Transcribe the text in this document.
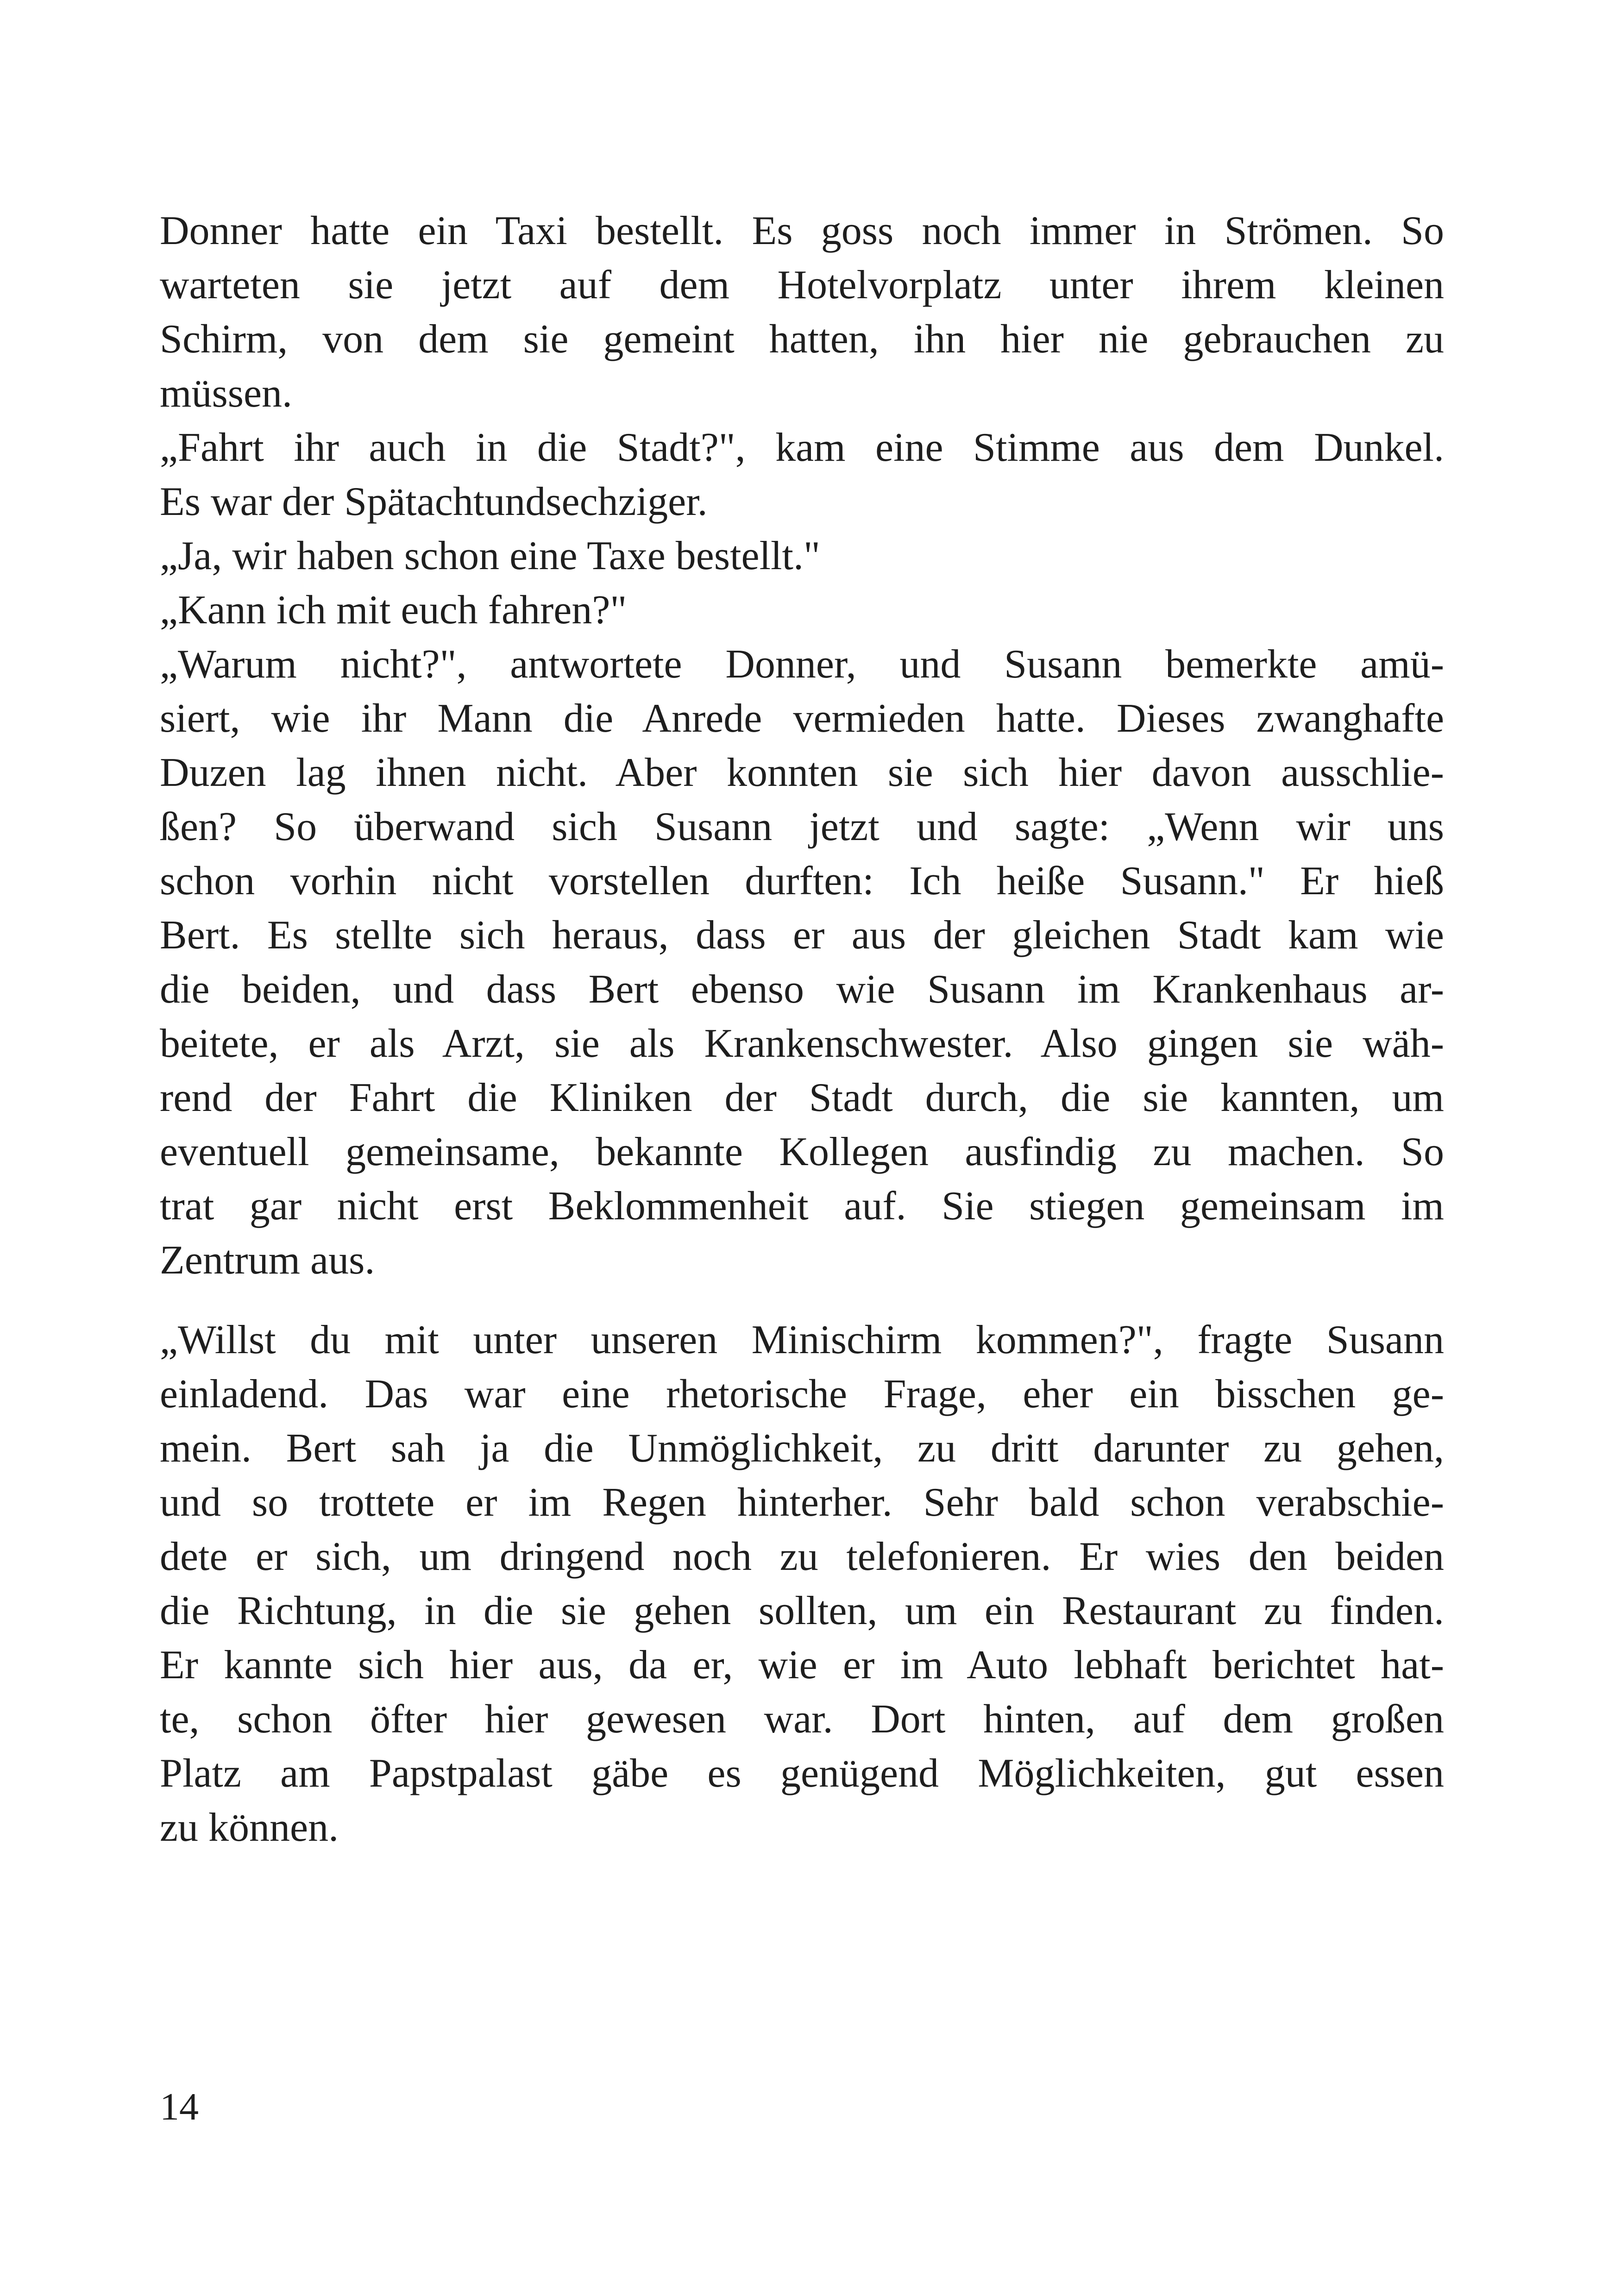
Donner hatte ein Taxi bestellt. Es goss noch immer in Strömen. So
warteten sie jetzt auf dem Hotelvorplatz unter ihrem kleinen
Schirm, von dem sie gemeint hatten, ihn hier nie gebrauchen zu
müssen.
„Fahrt ihr auch in die Stadt?", kam eine Stimme aus dem Dunkel.
Es war der Spätachtundsechziger.
„Ja, wir haben schon eine Taxe bestellt."
„Kann ich mit euch fahren?"
„Warum nicht?", antwortete Donner, und Susann bemerkte amü-
siert, wie ihr Mann die Anrede vermieden hatte. Dieses zwanghafte
Duzen lag ihnen nicht. Aber konnten sie sich hier davon ausschlie-
ßen? So überwand sich Susann jetzt und sagte: „Wenn wir uns
schon vorhin nicht vorstellen durften: Ich heiße Susann." Er hieß
Bert. Es stellte sich heraus, dass er aus der gleichen Stadt kam wie
die beiden, und dass Bert ebenso wie Susann im Krankenhaus ar-
beitete, er als Arzt, sie als Krankenschwester. Also gingen sie wäh-
rend der Fahrt die Kliniken der Stadt durch, die sie kannten, um
eventuell gemeinsame, bekannte Kollegen ausfindig zu machen. So
trat gar nicht erst Beklommenheit auf. Sie stiegen gemeinsam im
Zentrum aus.
„Willst du mit unter unseren Minischirm kommen?", fragte Susann
einladend. Das war eine rhetorische Frage, eher ein bisschen ge-
mein. Bert sah ja die Unmöglichkeit, zu dritt darunter zu gehen,
und so trottete er im Regen hinterher. Sehr bald schon verabschie-
dete er sich, um dringend noch zu telefonieren. Er wies den beiden
die Richtung, in die sie gehen sollten, um ein Restaurant zu finden.
Er kannte sich hier aus, da er, wie er im Auto lebhaft berichtet hat-
te, schon öfter hier gewesen war. Dort hinten, auf dem großen
Platz am Papstpalast gäbe es genügend Möglichkeiten, gut essen
zu können.
14
